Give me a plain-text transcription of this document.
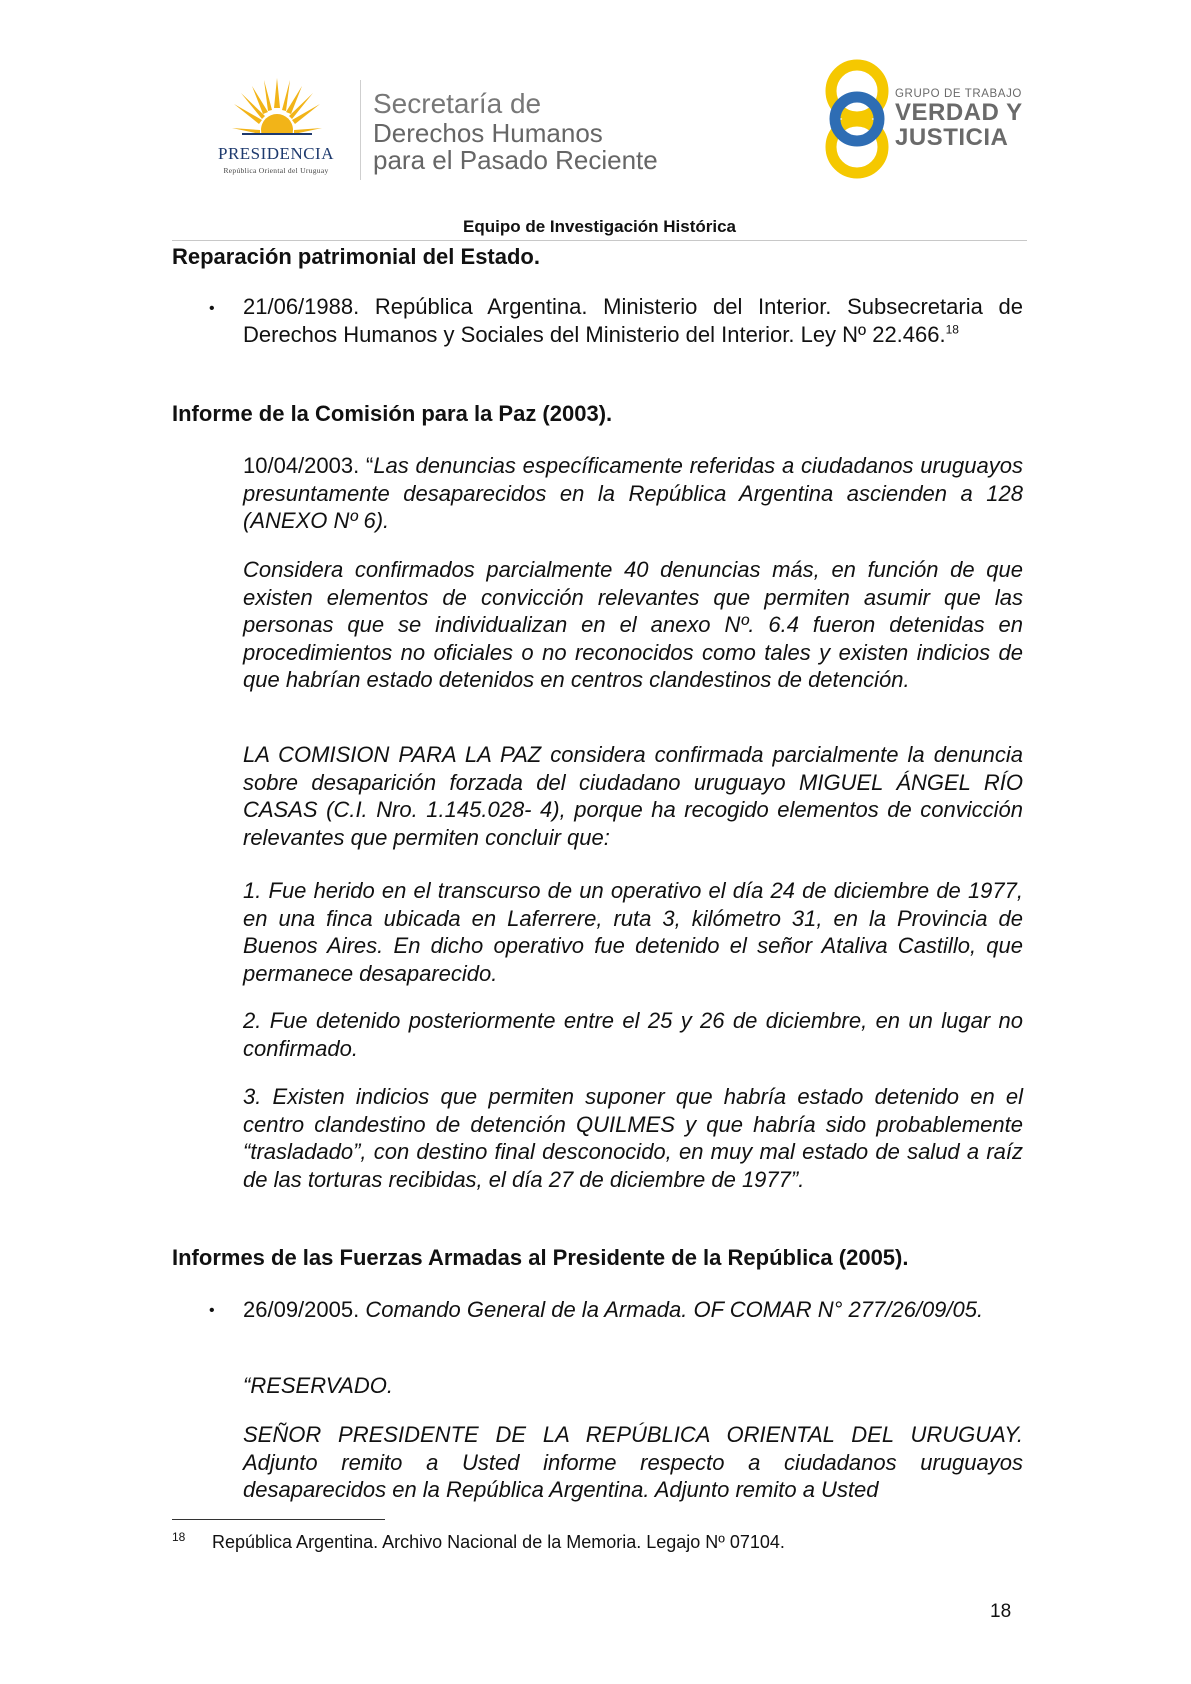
PRESIDENCIA
República Oriental del Uruguay
Secretaría de
Derechos Humanos
para el Pasado Reciente
GRUPO DE TRABAJO
VERDAD Y
JUSTICIA
Equipo de Investigación Histórica
Reparación patrimonial del Estado.
• 21/06/1988. República Argentina. Ministerio del Interior. Subsecretaria de Derechos Humanos y Sociales del Ministerio del Interior. Ley Nº 22.466.18
Informe de la Comisión para la Paz (2003).
10/04/2003. “Las denuncias específicamente referidas a ciudadanos uruguayos presuntamente desaparecidos en la República Argentina ascienden a 128 (ANEXO Nº 6).
Considera confirmados parcialmente 40 denuncias más, en función de que existen elementos de convicción relevantes que permiten asumir que las personas que se individualizan en el anexo Nº. 6.4 fueron detenidas en procedimientos no oficiales o no reconocidos como tales y existen indicios de que habrían estado detenidos en centros clandestinos de detención.
LA COMISION PARA LA PAZ considera confirmada parcialmente la denuncia sobre desaparición forzada del ciudadano uruguayo MIGUEL ÁNGEL RÍO CASAS (C.I. Nro. 1.145.028- 4), porque ha recogido elementos de convicción relevantes que permiten concluir que:
1. Fue herido en el transcurso de un operativo el día 24 de diciembre de 1977, en una finca ubicada en Laferrere, ruta 3, kilómetro 31, en la Provincia de Buenos Aires. En dicho operativo fue detenido el señor Ataliva Castillo, que permanece desaparecido.
2. Fue detenido posteriormente entre el 25 y 26 de diciembre, en un lugar no confirmado.
3. Existen indicios que permiten suponer que habría estado detenido en el centro clandestino de detención QUILMES y que habría sido probablemente “trasladado”, con destino final desconocido, en muy mal estado de salud a raíz de las torturas recibidas, el día 27 de diciembre de 1977”.
Informes de las Fuerzas Armadas al Presidente de la República (2005).
• 26/09/2005. Comando General de la Armada. OF COMAR N° 277/26/09/05.
“RESERVADO.
SEÑOR PRESIDENTE DE LA REPÚBLICA ORIENTAL DEL URUGUAY. Adjunto remito a Usted informe respecto a ciudadanos uruguayos desaparecidos en la República Argentina. Adjunto remito a Usted
18 República Argentina. Archivo Nacional de la Memoria. Legajo Nº 07104.
18
